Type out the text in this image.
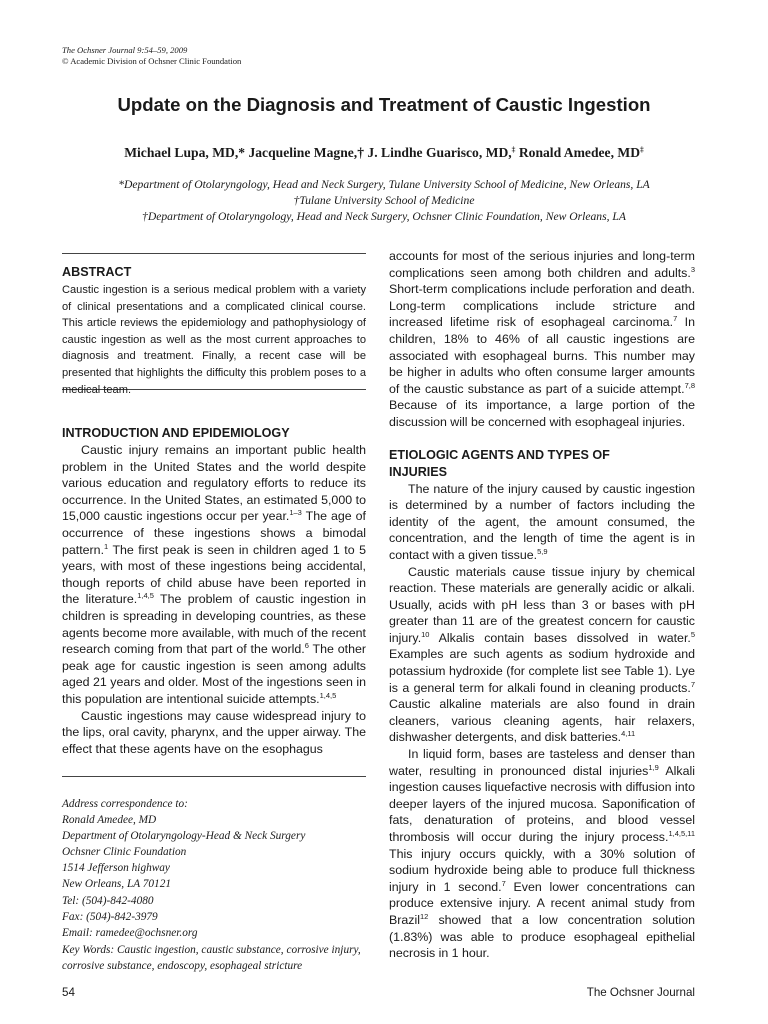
The Ochsner Journal 9:54–59, 2009
© Academic Division of Ochsner Clinic Foundation
Update on the Diagnosis and Treatment of Caustic Ingestion
Michael Lupa, MD,* Jacqueline Magne,† J. Lindhe Guarisco, MD,‡ Ronald Amedee, MD‡
*Department of Otolaryngology, Head and Neck Surgery, Tulane University School of Medicine, New Orleans, LA
†Tulane University School of Medicine
†Department of Otolaryngology, Head and Neck Surgery, Ochsner Clinic Foundation, New Orleans, LA
ABSTRACT
Caustic ingestion is a serious medical problem with a variety of clinical presentations and a complicated clinical course. This article reviews the epidemiology and pathophysiology of caustic ingestion as well as the most current approaches to diagnosis and treatment. Finally, a recent case will be presented that highlights the difficulty this problem poses to a medical team.
INTRODUCTION AND EPIDEMIOLOGY

Caustic injury remains an important public health problem in the United States and the world despite various education and regulatory efforts to reduce its occurrence. In the United States, an estimated 5,000 to 15,000 caustic ingestions occur per year.$^{1-3}$ The age of occurrence of these ingestions shows a bimodal pattern.$^1$ The first peak is seen in children aged 1 to 5 years, with most of these ingestions being accidental, though reports of child abuse have been reported in the literature.$^{1,4,5}$ The problem of caustic ingestion in children is spreading in developing countries, as these agents become more available, with much of the recent research coming from that part of the world.$^6$ The other peak age for caustic ingestion is seen among adults aged 21 years and older. Most of the ingestions seen in this population are intentional suicide attempts.$^{1,4,5}$

Caustic ingestions may cause widespread injury to the lips, oral cavity, pharynx, and the upper airway. The effect that these agents have on the esophagus

Address correspondence to:
Ronald Amedee, MD
Department of Otolaryngology-Head & Neck Surgery
Ochsner Clinic Foundation
1514 Jefferson highway
New Orleans, LA 70121
Tel: (504)-842-4080
Fax: (504)-842-3979
Email: ramedee@ochsner.org
Key Words: Caustic ingestion, caustic substance, corrosive injury, corrosive substance, endoscopy, esophageal stricture

accounts for most of the serious injuries and long-term complications seen among both children and adults.$^3$ Short-term complications include perforation and death. Long-term complications include stricture and increased lifetime risk of esophageal carcinoma.$^7$ In children, 18% to 46% of all caustic ingestions are associated with esophageal burns. This number may be higher in adults who often consume larger amounts of the caustic substance as part of a suicide attempt.$^{7,8}$ Because of its importance, a large portion of the discussion will be concerned with esophageal injuries.

ETIOLOGIC AGENTS AND TYPES OF INJURIES

The nature of the injury caused by caustic ingestion is determined by a number of factors including the identity of the agent, the amount consumed, the concentration, and the length of time the agent is in contact with a given tissue.$^{5,9}$

Caustic materials cause tissue injury by chemical reaction. These materials are generally acidic or alkali. Usually, acids with pH less than 3 or bases with pH greater than 11 are of the greatest concern for caustic injury.$^{10}$ Alkalis contain bases dissolved in water.$^5$ Examples are such agents as sodium hydroxide and potassium hydroxide (for complete list see Table 1). Lye is a general term for alkali found in cleaning products.$^7$ Caustic alkaline materials are also found in drain cleaners, various cleaning agents, hair relaxers, dishwasher detergents, and disk batteries.$^{4,11}$

In liquid form, bases are tasteless and denser than water, resulting in pronounced distal injuries$^{1,9}$ Alkali ingestion causes liquefactive necrosis with diffusion into deeper layers of the injured mucosa. Saponification of fats, denaturation of proteins, and blood vessel thrombosis will occur during the injury process.$^{1,4,5,11}$ This injury occurs quickly, with a 30% solution of sodium hydroxide being able to produce full thickness injury in 1 second.$^7$ Even lower concentrations can produce extensive injury. A recent animal study from Brazil$^{12}$ showed that a low concentration solution (1.83%) was able to produce esophageal epithelial necrosis in 1 hour.

54	The Ochsner Journal
